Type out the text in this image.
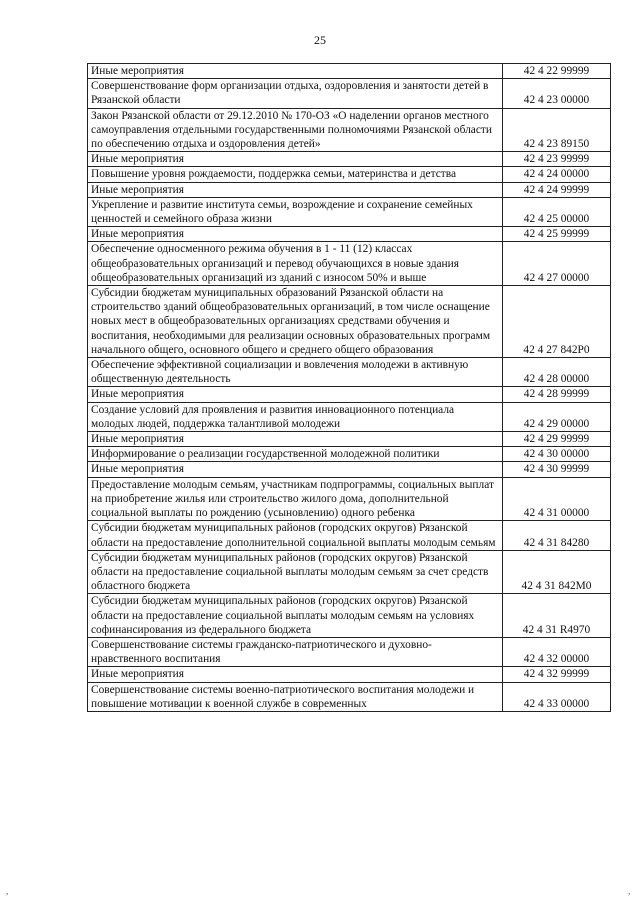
25
Иные мероприятия	42 4 22 99999
Совершенствование форм организации отдыха, оздоровления и занятости детей в Рязанской области	42 4 23 00000
Закон Рязанской области от 29.12.2010 № 170-ОЗ «О наделении органов местного самоуправления отдельными государственными полномочиями Рязанской области по обеспечению отдыха и оздоровления детей»	42 4 23 89150
Иные мероприятия	42 4 23 99999
Повышение уровня рождаемости, поддержка семьи, материнства и детства	42 4 24 00000
Иные мероприятия	42 4 24 99999
Укрепление и развитие института семьи, возрождение и сохранение семейных ценностей и семейного образа жизни	42 4 25 00000
Иные мероприятия	42 4 25 99999
Обеспечение односменного режима обучения в 1 - 11 (12) классах общеобразовательных организаций и перевод обучающихся в новые здания общеобразовательных организаций из зданий с износом 50% и выше	42 4 27 00000
Субсидии бюджетам муниципальных образований Рязанской области на строительство зданий общеобразовательных организаций, в том числе оснащение новых мест в общеобразовательных организациях средствами обучения и воспитания, необходимыми для реализации основных образовательных программ начального общего, основного общего и среднего общего образования	42 4 27 842Р0
Обеспечение эффективной социализации и вовлечения молодежи в активную общественную деятельность	42 4 28 00000
Иные мероприятия	42 4 28 99999
Создание условий для проявления и развития инновационного потенциала молодых людей, поддержка талантливой молодежи	42 4 29 00000
Иные мероприятия	42 4 29 99999
Информирование о реализации государственной молодежной политики	42 4 30 00000
Иные мероприятия	42 4 30 99999
Предоставление молодым семьям, участникам подпрограммы, социальных выплат на приобретение жилья или строительство жилого дома, дополнительной социальной выплаты по рождению (усыновлению) одного ребенка	42 4 31 00000
Субсидии бюджетам муниципальных районов (городских округов) Рязанской области на предоставление дополнительной социальной выплаты молодым семьям	42 4 31 84280
Субсидии бюджетам муниципальных районов (городских округов) Рязанской области на предоставление социальной выплаты молодым семьям за счет средств областного бюджета	42 4 31 842М0
Субсидии бюджетам муниципальных районов (городских округов) Рязанской области на предоставление социальной выплаты молодым семьям на условиях софинансирования из федерального бюджета	42 4 31 R4970
Совершенствование системы гражданско-патриотического и духовно-нравственного воспитания	42 4 32 00000
Иные мероприятия	42 4 32 99999
Совершенствование системы военно-патриотического воспитания молодежи и повышение мотивации к военной службе в современных	42 4 33 00000
,	,
